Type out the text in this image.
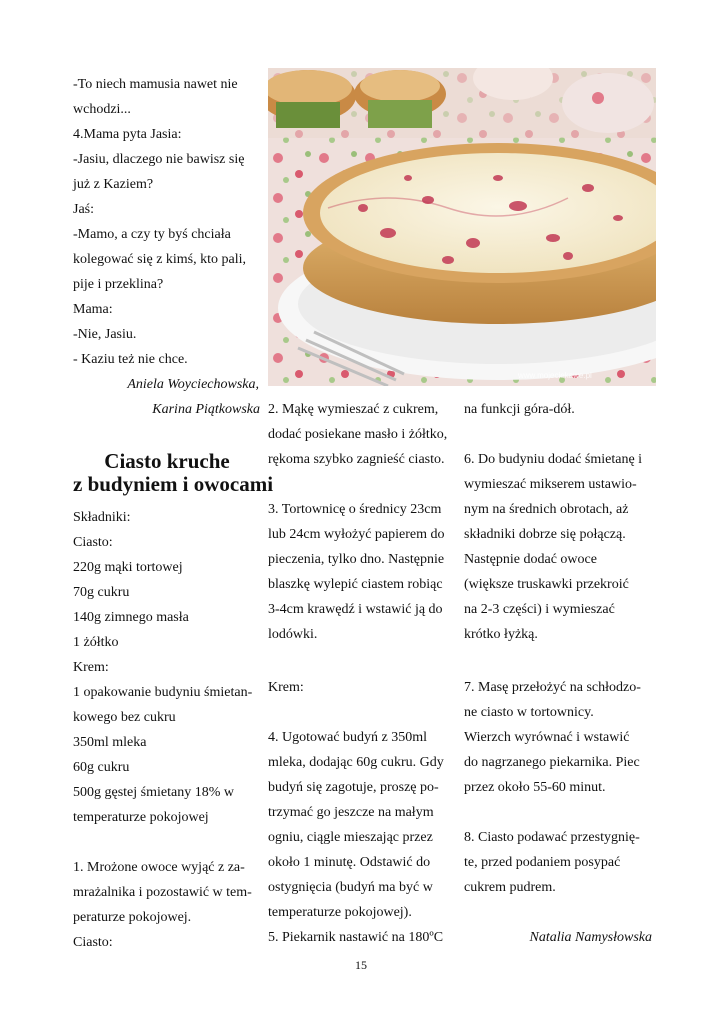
-To niech mamusia nawet nie
wchodzi...
4.Mama pyta Jasia:
-Jasiu, dlaczego nie bawisz się
już z Kaziem?
Jaś:
-Mamo, a czy ty byś chciała
kolegować się z kimś, kto pali,
pije i przeklina?
Mama:
-Nie, Jasiu.
- Kaziu też nie chce.
Aniela Woyciechowska,
Karina Piątkowska
Ciasto kruche
z budyniem i owocami
Składniki:
Ciasto:
220g mąki tortowej
70g cukru
140g zimnego masła
1 żółtko
Krem:
1 opakowanie budyniu śmietan-
kowego bez cukru
350ml mleka
60g cukru
500g gęstej śmietany 18% w
temperaturze pokojowej
1. Mrożone owoce wyjąć z za-
mrażalnika i pozostawić w tem-
peraturze pokojowej.
Ciasto:
www.mojeciekawe.pl
2. Mąkę wymieszać z cukrem,
dodać posiekane masło i żółtko,
rękoma szybko zagnieść ciasto.
3. Tortownicę o średnicy 23cm
lub 24cm wyłożyć papierem do
pieczenia, tylko dno. Następnie
blaszkę wylepić ciastem robiąc
3-4cm krawędź i wstawić ją do
lodówki.
Krem:
4. Ugotować budyń z 350ml
mleka, dodając 60g cukru. Gdy
budyń się zagotuje, proszę po-
trzymać go jeszcze na małym
ogniu, ciągle mieszając przez
około 1 minutę. Odstawić do
ostygnięcia (budyń ma być w
temperaturze pokojowej).
5. Piekarnik nastawić na 180ºC
na funkcji góra-dół.
6. Do budyniu dodać śmietanę i
wymieszać mikserem ustawio-
nym na średnich obrotach, aż
składniki dobrze się połączą.
Następnie dodać owoce
(większe truskawki przekroić
na 2-3 części) i wymieszać
krótko łyżką.
7. Masę przełożyć na schłodzo-
ne ciasto w tortownicy.
Wierzch wyrównać i wstawić
do nagrzanego piekarnika. Piec
przez około 55-60 minut.
8. Ciasto podawać przestygnię-
te, przed podaniem posypać
cukrem pudrem.
Natalia Namysłowska
15
